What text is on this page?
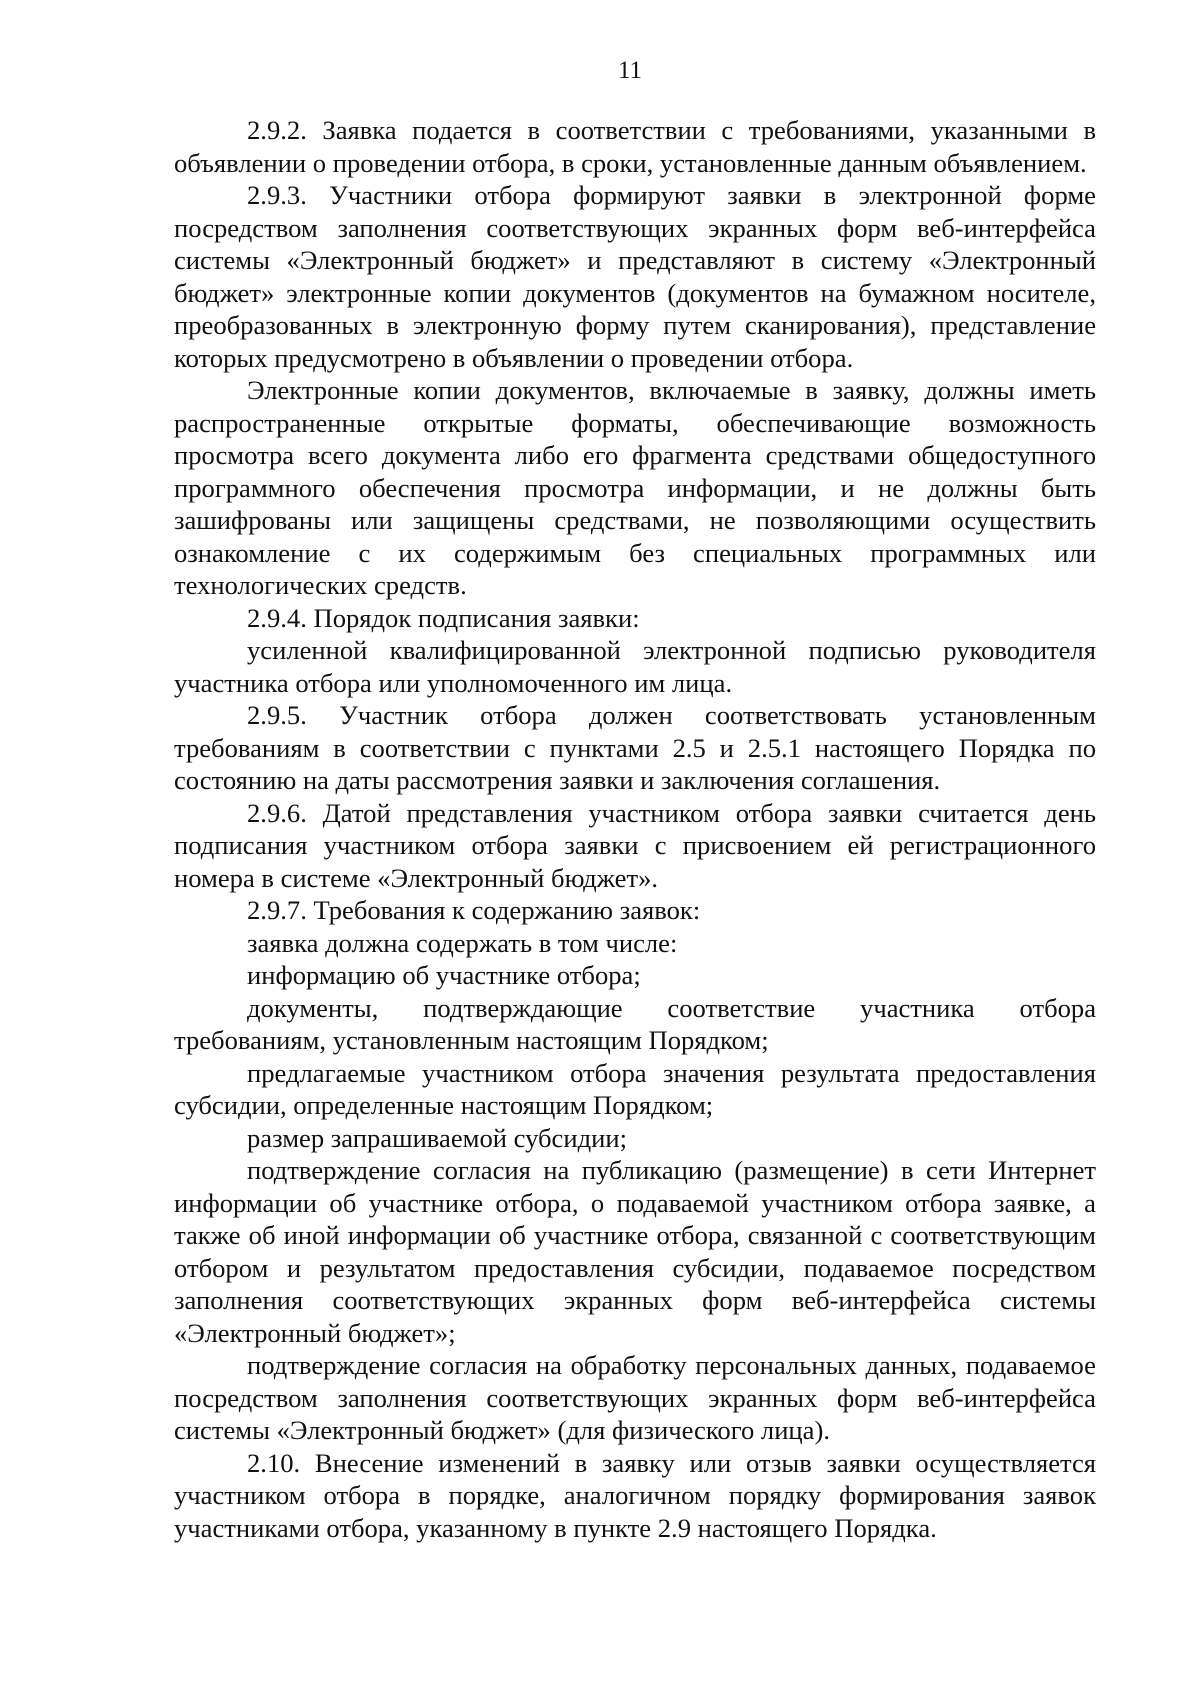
11

2.9.2. Заявка подается в соответствии с требованиями, указанными в объявлении о проведении отбора, в сроки, установленные данным объявлением.

2.9.3. Участники отбора формируют заявки в электронной форме посредством заполнения соответствующих экранных форм веб-интерфейса системы «Электронный бюджет» и представляют в систему «Электронный бюджет» электронные копии документов (документов на бумажном носителе, преобразованных в электронную форму путем сканирования), представление которых предусмотрено в объявлении о проведении отбора.

Электронные копии документов, включаемые в заявку, должны иметь распространенные открытые форматы, обеспечивающие возможность просмотра всего документа либо его фрагмента средствами общедоступного программного обеспечения просмотра информации, и не должны быть зашифрованы или защищены средствами, не позволяющими осуществить ознакомление с их содержимым без специальных программных или технологических средств.

2.9.4. Порядок подписания заявки:

усиленной квалифицированной электронной подписью руководителя участника отбора или уполномоченного им лица.

2.9.5. Участник отбора должен соответствовать установленным требованиям в соответствии с пунктами 2.5 и 2.5.1 настоящего Порядка по состоянию на даты рассмотрения заявки и заключения соглашения.

2.9.6. Датой представления участником отбора заявки считается день подписания участником отбора заявки с присвоением ей регистрационного номера в системе «Электронный бюджет».

2.9.7. Требования к содержанию заявок:

заявка должна содержать в том числе:

информацию об участнике отбора;

документы, подтверждающие соответствие участника отбора требованиям, установленным настоящим Порядком;

предлагаемые участником отбора значения результата предоставления субсидии, определенные настоящим Порядком;

размер запрашиваемой субсидии;

подтверждение согласия на публикацию (размещение) в сети Интернет информации об участнике отбора, о подаваемой участником отбора заявке, а также об иной информации об участнике отбора, связанной с соответствующим отбором и результатом предоставления субсидии, подаваемое посредством заполнения соответствующих экранных форм веб-интерфейса системы «Электронный бюджет»;

подтверждение согласия на обработку персональных данных, подаваемое посредством заполнения соответствующих экранных форм веб-интерфейса системы «Электронный бюджет» (для физического лица).

2.10. Внесение изменений в заявку или отзыв заявки осуществляется участником отбора в порядке, аналогичном порядку формирования заявок участниками отбора, указанному в пункте 2.9 настоящего Порядка.
